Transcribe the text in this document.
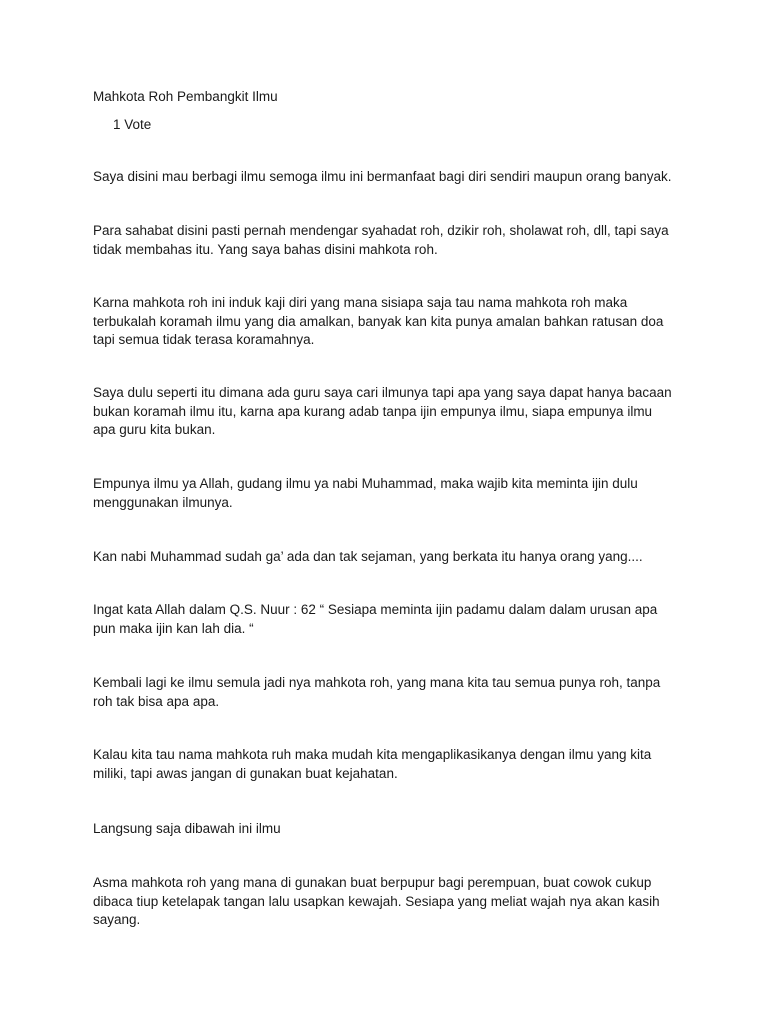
Mahkota Roh Pembangkit Ilmu
1 Vote

Saya disini mau berbagi ilmu semoga ilmu ini bermanfaat bagi diri sendiri maupun orang banyak.

Para sahabat disini pasti pernah mendengar syahadat roh, dzikir roh, sholawat roh, dll, tapi saya tidak membahas itu. Yang saya bahas disini mahkota roh.

Karna mahkota roh ini induk kaji diri yang mana sisiapa saja tau nama mahkota roh maka terbukalah koramah ilmu yang dia amalkan, banyak kan kita punya amalan bahkan ratusan doa tapi semua tidak terasa koramahnya.

Saya dulu seperti itu dimana ada guru saya cari ilmunya tapi apa yang saya dapat hanya bacaan bukan koramah ilmu itu, karna apa kurang adab tanpa ijin empunya ilmu, siapa empunya ilmu apa guru kita bukan.

Empunya ilmu ya Allah, gudang ilmu ya nabi Muhammad, maka wajib kita meminta ijin dulu menggunakan ilmunya.

Kan nabi Muhammad sudah ga’ ada dan tak sejaman, yang berkata itu hanya orang yang....

Ingat kata Allah dalam Q.S. Nuur : 62 “ Sesiapa meminta ijin padamu dalam dalam urusan apa pun maka ijin kan lah dia. “

Kembali lagi ke ilmu semula jadi nya mahkota roh, yang mana kita tau semua punya roh, tanpa roh tak bisa apa apa.

Kalau kita tau nama mahkota ruh maka mudah kita mengaplikasikanya dengan ilmu yang kita miliki, tapi awas jangan di gunakan buat kejahatan.

Langsung saja dibawah ini ilmu

Asma mahkota roh yang mana di gunakan buat berpupur bagi perempuan, buat cowok cukup dibaca tiup ketelapak tangan lalu usapkan kewajah. Sesiapa yang meliat wajah nya akan kasih sayang.
